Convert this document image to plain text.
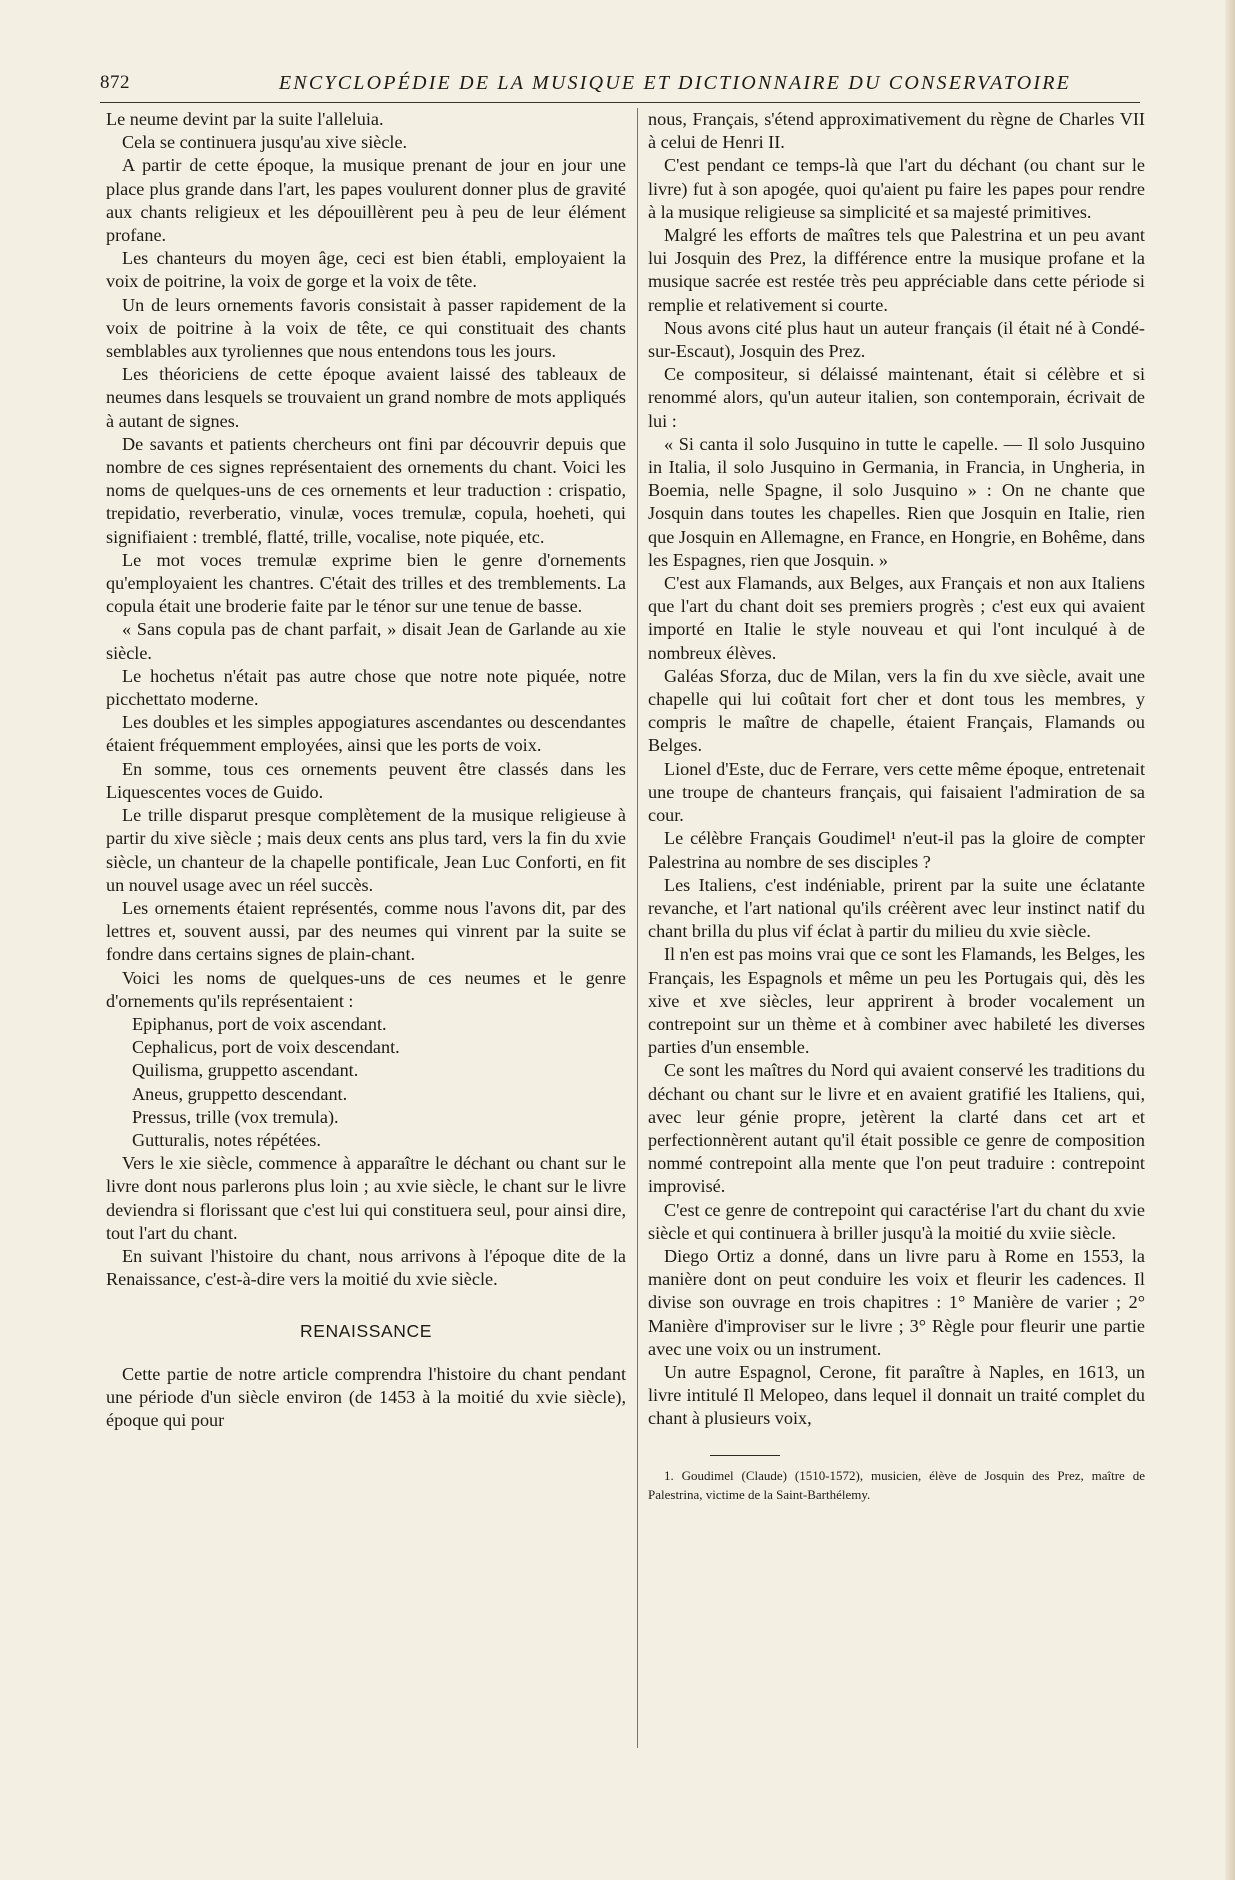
872	ENCYCLOPÉDIE DE LA MUSIQUE ET DICTIONNAIRE DU CONSERVATOIRE

Le neume devint par la suite l'alleluia.

Cela se continuera jusqu'au xive siècle.

A partir de cette époque, la musique prenant de jour en jour une place plus grande dans l'art, les papes voulurent donner plus de gravité aux chants religieux et les dépouillèrent peu à peu de leur élément profane.

Les chanteurs du moyen âge, ceci est bien établi, employaient la voix de poitrine, la voix de gorge et la voix de tête.

Un de leurs ornements favoris consistait à passer rapidement de la voix de poitrine à la voix de tête, ce qui constituait des chants semblables aux tyroliennes que nous entendons tous les jours.

Les théoriciens de cette époque avaient laissé des tableaux de neumes dans lesquels se trouvaient un grand nombre de mots appliqués à autant de signes.

De savants et patients chercheurs ont fini par découvrir depuis que nombre de ces signes représentaient des ornements du chant. Voici les noms de quelques-uns de ces ornements et leur traduction : crispatio, trepidatio, reverberatio, vinulæ, voces tremulæ, copula, hoeheti, qui signifiaient : tremblé, flatté, trille, vocalise, note piquée, etc.

Le mot voces tremulæ exprime bien le genre d'ornements qu'employaient les chantres. C'était des trilles et des tremblements. La copula était une broderie faite par le ténor sur une tenue de basse.

« Sans copula pas de chant parfait, » disait Jean de Garlande au xie siècle.

Le hochetus n'était pas autre chose que notre note piquée, notre picchettato moderne.

Les doubles et les simples appogiatures ascendantes ou descendantes étaient fréquemment employées, ainsi que les ports de voix.

En somme, tous ces ornements peuvent être classés dans les Liquescentes voces de Guido.

Le trille disparut presque complètement de la musique religieuse à partir du xive siècle ; mais deux cents ans plus tard, vers la fin du xvie siècle, un chanteur de la chapelle pontificale, Jean Luc Conforti, en fit un nouvel usage avec un réel succès.

Les ornements étaient représentés, comme nous l'avons dit, par des lettres et, souvent aussi, par des neumes qui vinrent par la suite se fondre dans certains signes de plain-chant.

Voici les noms de quelques-uns de ces neumes et le genre d'ornements qu'ils représentaient :

Epiphanus, port de voix ascendant.

Cephalicus, port de voix descendant.

Quilisma, gruppetto ascendant.

Aneus, gruppetto descendant.

Pressus, trille (vox tremula).

Gutturalis, notes répétées.

Vers le xie siècle, commence à apparaître le déchant ou chant sur le livre dont nous parlerons plus loin ; au xvie siècle, le chant sur le livre deviendra si florissant que c'est lui qui constituera seul, pour ainsi dire, tout l'art du chant.

En suivant l'histoire du chant, nous arrivons à l'époque dite de la Renaissance, c'est-à-dire vers la moitié du xvie siècle.

RENAISSANCE

Cette partie de notre article comprendra l'histoire du chant pendant une période d'un siècle environ (de 1453 à la moitié du xvie siècle), époque qui pour

nous, Français, s'étend approximativement du règne de Charles VII à celui de Henri II.

C'est pendant ce temps-là que l'art du déchant (ou chant sur le livre) fut à son apogée, quoi qu'aient pu faire les papes pour rendre à la musique religieuse sa simplicité et sa majesté primitives.

Malgré les efforts de maîtres tels que Palestrina et un peu avant lui Josquin des Prez, la différence entre la musique profane et la musique sacrée est restée très peu appréciable dans cette période si remplie et relativement si courte.

Nous avons cité plus haut un auteur français (il était né à Condé-sur-Escaut), Josquin des Prez.

Ce compositeur, si délaissé maintenant, était si célèbre et si renommé alors, qu'un auteur italien, son contemporain, écrivait de lui :

« Si canta il solo Jusquino in tutte le capelle. — Il solo Jusquino in Italia, il solo Jusquino in Germania, in Francia, in Ungheria, in Boemia, nelle Spagne, il solo Jusquino » : On ne chante que Josquin dans toutes les chapelles. Rien que Josquin en Italie, rien que Josquin en Allemagne, en France, en Hongrie, en Bohême, dans les Espagnes, rien que Josquin. »

C'est aux Flamands, aux Belges, aux Français et non aux Italiens que l'art du chant doit ses premiers progrès ; c'est eux qui avaient importé en Italie le style nouveau et qui l'ont inculqué à de nombreux élèves.

Galéas Sforza, duc de Milan, vers la fin du xve siècle, avait une chapelle qui lui coûtait fort cher et dont tous les membres, y compris le maître de chapelle, étaient Français, Flamands ou Belges.

Lionel d'Este, duc de Ferrare, vers cette même époque, entretenait une troupe de chanteurs français, qui faisaient l'admiration de sa cour.

Le célèbre Français Goudimel¹ n'eut-il pas la gloire de compter Palestrina au nombre de ses disciples ?

Les Italiens, c'est indéniable, prirent par la suite une éclatante revanche, et l'art national qu'ils créèrent avec leur instinct natif du chant brilla du plus vif éclat à partir du milieu du xvie siècle.

Il n'en est pas moins vrai que ce sont les Flamands, les Belges, les Français, les Espagnols et même un peu les Portugais qui, dès les xive et xve siècles, leur apprirent à broder vocalement un contrepoint sur un thème et à combiner avec habileté les diverses parties d'un ensemble.

Ce sont les maîtres du Nord qui avaient conservé les traditions du déchant ou chant sur le livre et en avaient gratifié les Italiens, qui, avec leur génie propre, jetèrent la clarté dans cet art et perfectionnèrent autant qu'il était possible ce genre de composition nommé contrepoint alla mente que l'on peut traduire : contrepoint improvisé.

C'est ce genre de contrepoint qui caractérise l'art du chant du xvie siècle et qui continuera à briller jusqu'à la moitié du xviie siècle.

Diego Ortiz a donné, dans un livre paru à Rome en 1553, la manière dont on peut conduire les voix et fleurir les cadences. Il divise son ouvrage en trois chapitres : 1° Manière de varier ; 2° Manière d'improviser sur le livre ; 3° Règle pour fleurir une partie avec une voix ou un instrument.

Un autre Espagnol, Cerone, fit paraître à Naples, en 1613, un livre intitulé Il Melopeo, dans lequel il donnait un traité complet du chant à plusieurs voix,

1. Goudimel (Claude) (1510-1572), musicien, élève de Josquin des Prez, maître de Palestrina, victime de la Saint-Barthélemy.
